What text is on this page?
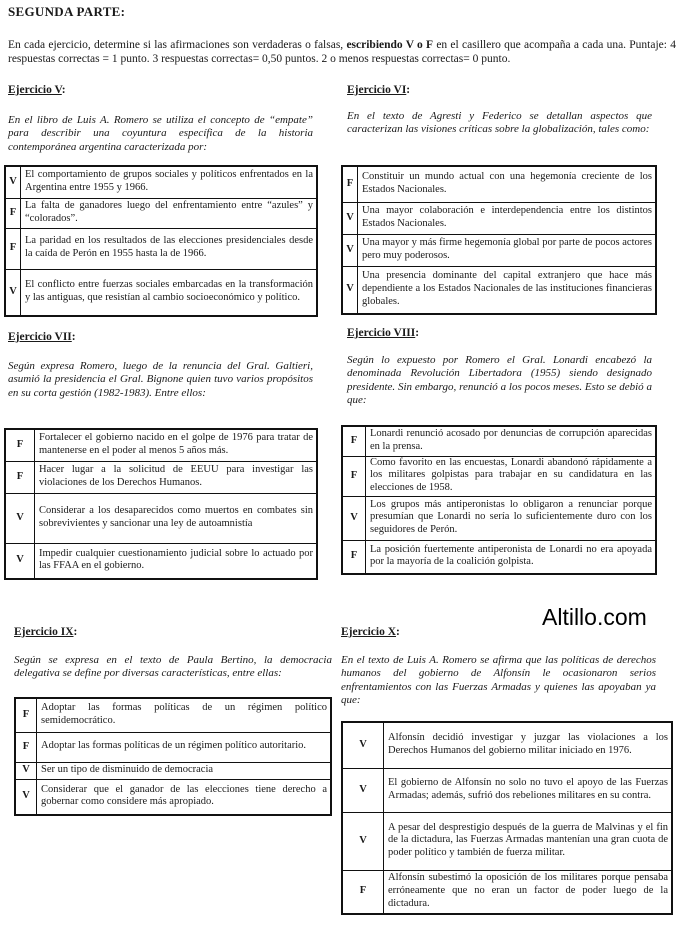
SEGUNDA PARTE:
En cada ejercicio, determine si las afirmaciones son verdaderas o falsas, escribiendo V o F en el casillero que acompaña a cada una. Puntaje: 4 respuestas correctas = 1 punto. 3 respuestas correctas= 0,50 puntos. 2 o menos respuestas correctas= 0 punto.
Ejercicio V:
En el libro de Luis A. Romero se utiliza el concepto de “empate” para describir una coyuntura específica de la historia contemporánea argentina caracterizada por:
V	El comportamiento de grupos sociales y políticos enfrentados en la Argentina entre 1955 y 1966.
F	La falta de ganadores luego del enfrentamiento entre “azules” y “colorados”.
F	La paridad en los resultados de las elecciones presidenciales desde la caída de Perón en 1955 hasta la de 1966.
V	El conflicto entre fuerzas sociales embarcadas en la transformación y las antiguas, que resistían al cambio socioeconómico y político.
Ejercicio VI:
En el texto de Agresti y Federico se detallan aspectos que caracterizan las visiones críticas sobre la globalización, tales como:
F	Constituir un mundo actual con una hegemonía creciente de los Estados Nacionales.
V	Una mayor colaboración e interdependencia entre los distintos Estados Nacionales.
V	Una mayor y más firme hegemonía global por parte de pocos actores pero muy poderosos.
V	Una presencia dominante del capital extranjero que hace más dependiente a los Estados Nacionales de las instituciones financieras globales.
Ejercicio VII:
Según expresa Romero, luego de la renuncia del Gral. Galtieri, asumió la presidencia el Gral. Bignone quien tuvo varios propósitos en su corta gestión (1982-1983). Entre ellos:
F	Fortalecer el gobierno nacido en el golpe de 1976 para tratar de mantenerse en el poder al menos 5 años más.
F	Hacer lugar a la solicitud de EEUU para investigar las violaciones de los Derechos Humanos.
V	Considerar a los desaparecidos como muertos en combates sin sobrevivientes y sancionar una ley de autoamnistía
V	Impedir cualquier cuestionamiento judicial sobre lo actuado por las FFAA en el gobierno.
Ejercicio VIII:
Según lo expuesto por Romero el Gral. Lonardi encabezó la denominada Revolución Libertadora (1955) siendo designado presidente. Sin embargo, renunció a los pocos meses. Esto se debió a que:
F	Lonardi renunció acosado por denuncias de corrupción aparecidas en la prensa.
F	Como favorito en las encuestas, Lonardi abandonó rápidamente a los militares golpistas para trabajar en su candidatura en las elecciones de 1958.
V	Los grupos más antiperonistas lo obligaron a renunciar porque presumían que Lonardi no sería lo suficientemente duro con los seguidores de Perón.
F	La posición fuertemente antiperonista de Lonardi no era apoyada por la mayoría de la coalición golpista.
Altillo.com
Ejercicio IX:
Según se expresa en el texto de Paula Bertino, la democracia delegativa se define por diversas características, entre ellas:
F	Adoptar las formas políticas de un régimen político semidemocrático.
F	Adoptar las formas políticas de un régimen político autoritario.
V	Ser un tipo de disminuido de democracia
V	Considerar que el ganador de las elecciones tiene derecho a gobernar como considere más apropiado.
Ejercicio X:
En el texto de Luis A. Romero se afirma que las políticas de derechos humanos del gobierno de Alfonsín le ocasionaron serios enfrentamientos con las Fuerzas Armadas y quienes las apoyaban ya que:
V	Alfonsín decidió investigar y juzgar las violaciones a los Derechos Humanos del gobierno militar iniciado en 1976.
V	El gobierno de Alfonsín no solo no tuvo el apoyo de las Fuerzas Armadas; además, sufrió dos rebeliones militares en su contra.
V	A pesar del desprestigio después de la guerra de Malvinas y el fin de la dictadura, las Fuerzas Armadas mantenían una gran cuota de poder político y también de fuerza militar.
F	Alfonsín subestimó la oposición de los militares porque pensaba erróneamente que no eran un factor de poder luego de la dictadura.
